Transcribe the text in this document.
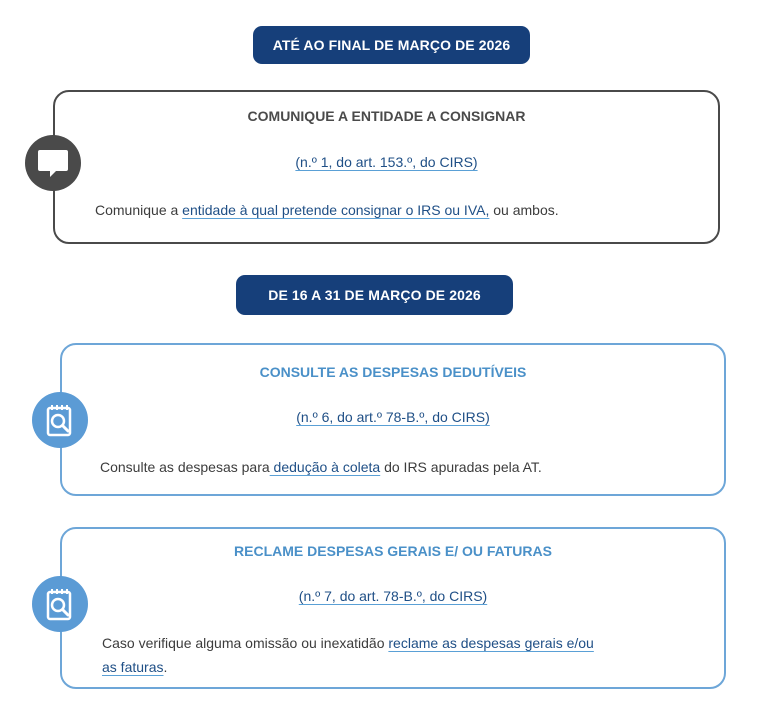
ATÉ AO FINAL DE MARÇO DE 2026
COMUNIQUE A ENTIDADE A CONSIGNAR
(n.º 1, do art. 153.º, do CIRS)
Comunique a entidade à qual pretende consignar o IRS ou IVA, ou ambos.
DE 16 A 31 DE MARÇO DE 2026
CONSULTE AS DESPESAS DEDUTÍVEIS
(n.º 6, do art.º 78-B.º, do CIRS)
Consulte as despesas para dedução à coleta do IRS apuradas pela AT.
RECLAME DESPESAS GERAIS E/ OU FATURAS
(n.º 7, do art. 78-B.º, do CIRS)
Caso verifique alguma omissão ou inexatidão reclame as despesas gerais e/ou
as faturas.
